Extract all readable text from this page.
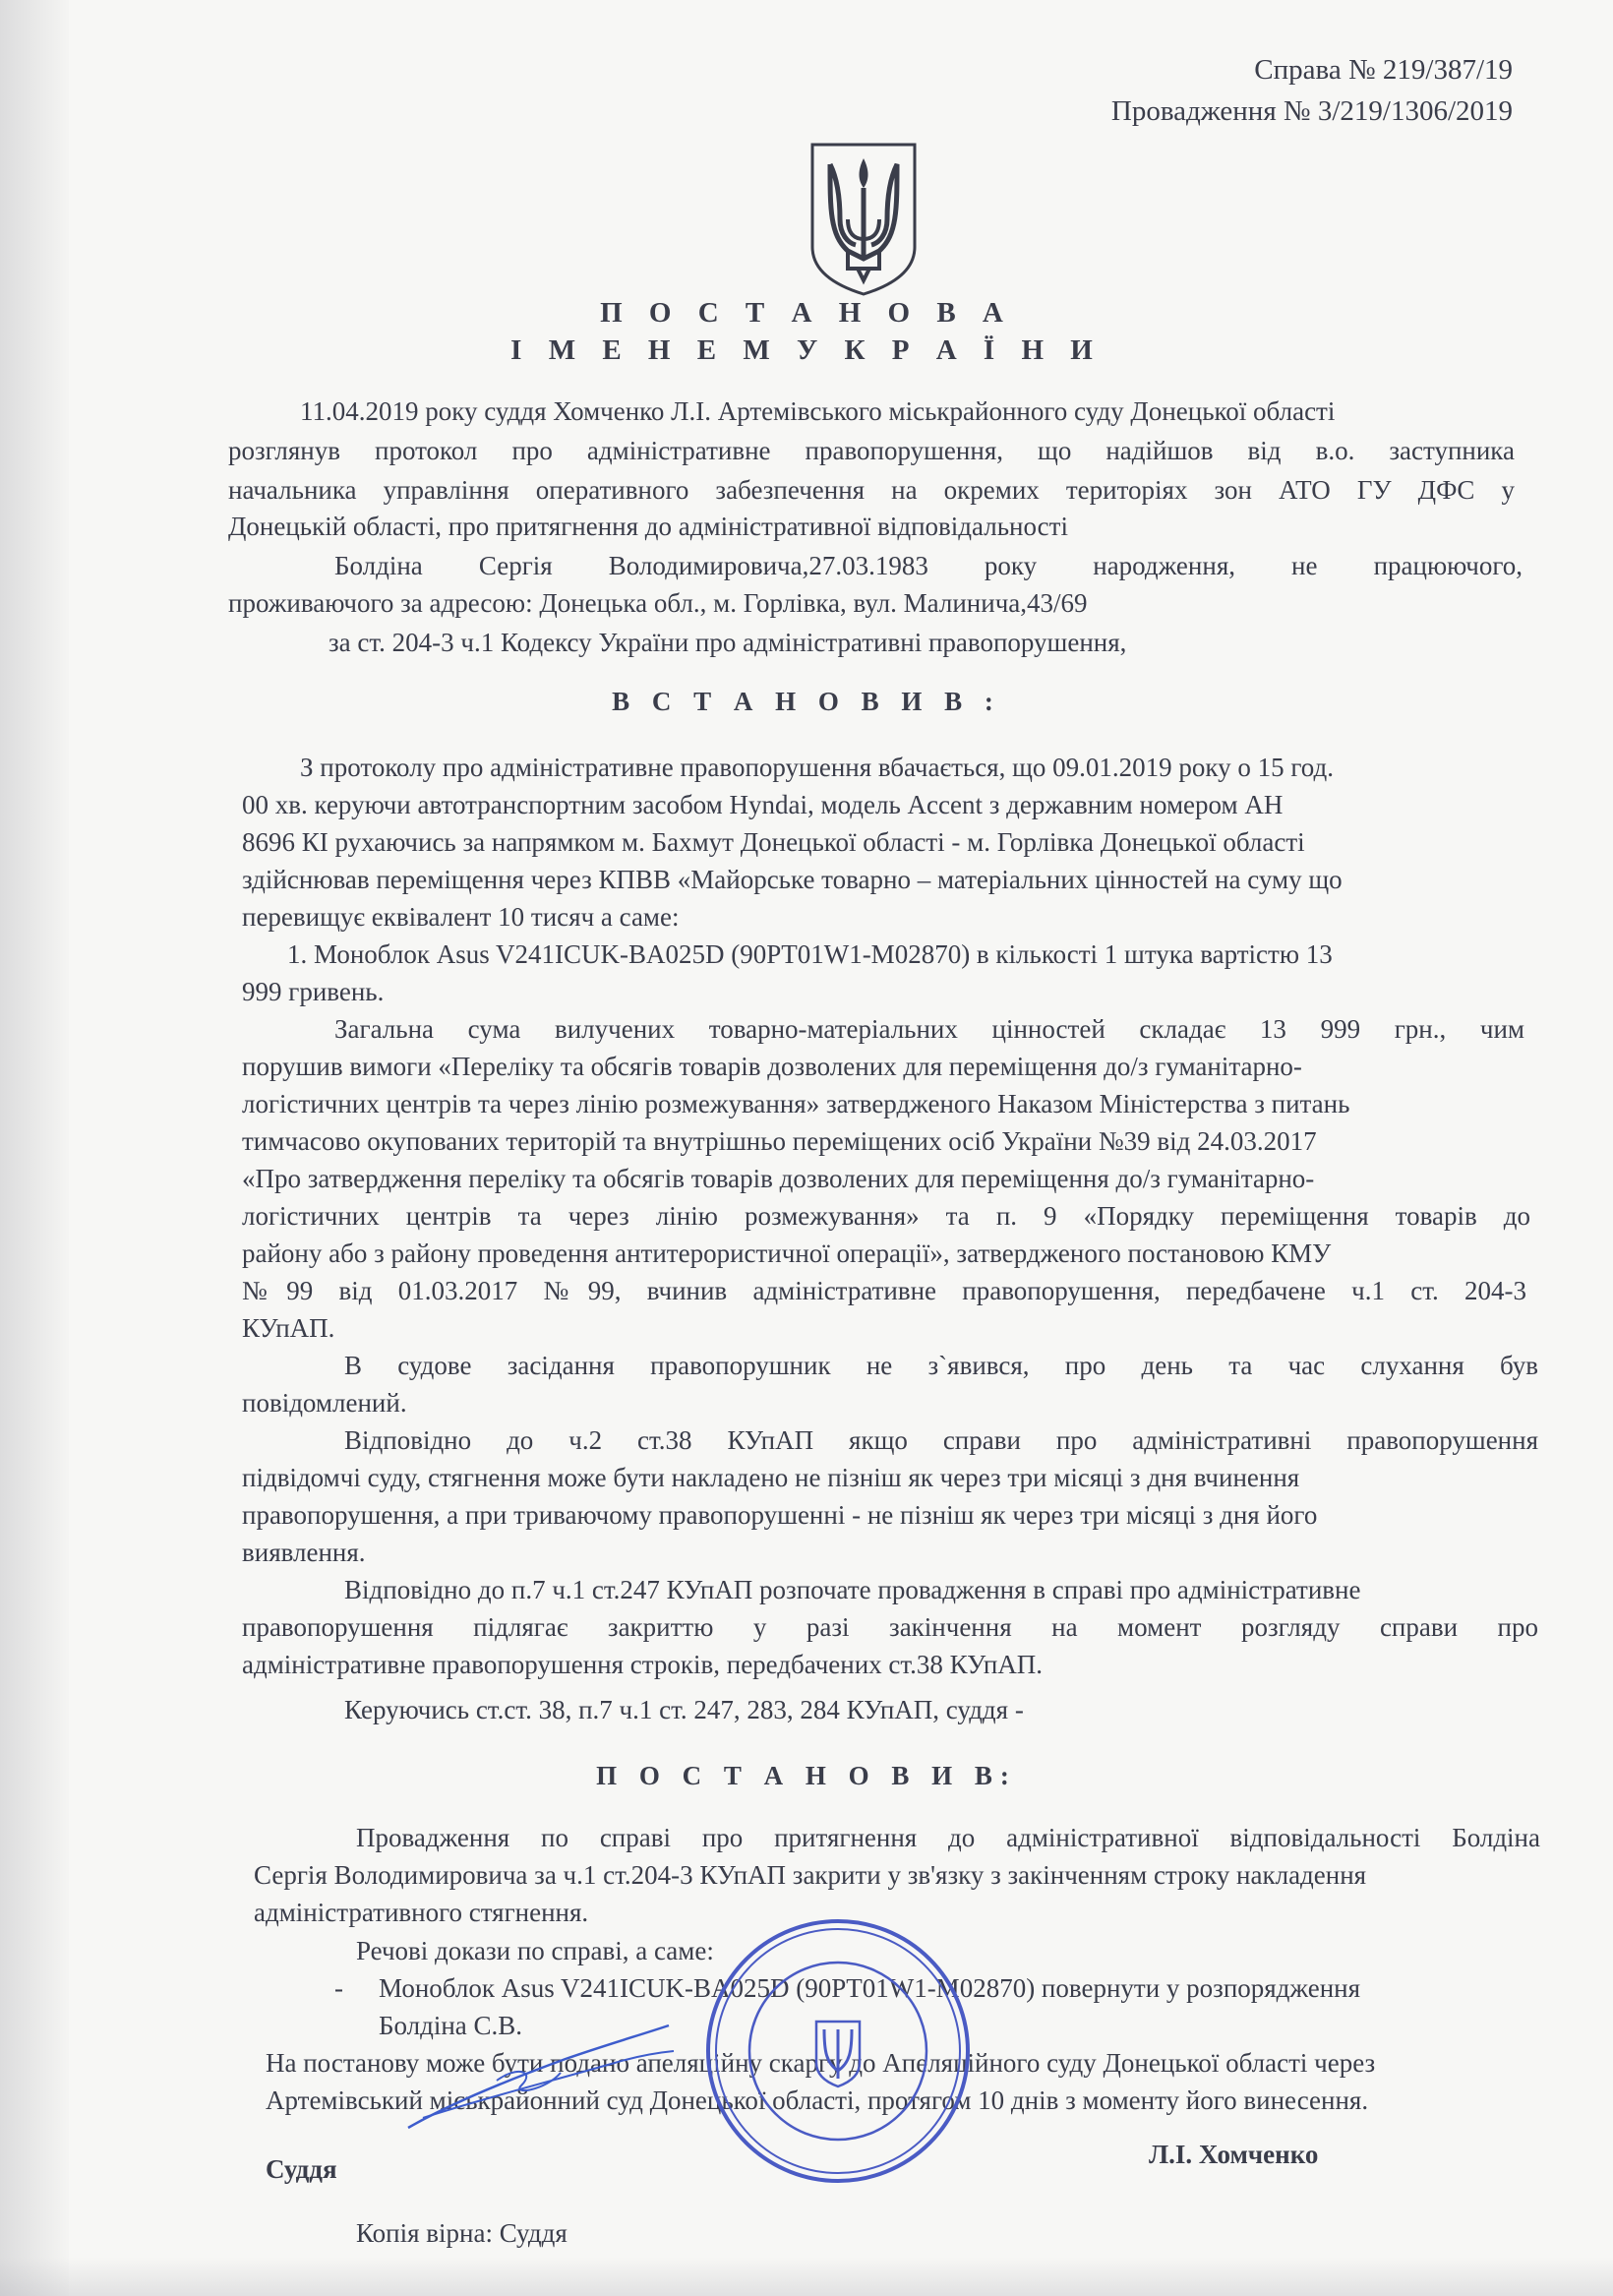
Справа № 219/387/19
Провадження № 3/219/1306/2019
П О С Т А Н О В А
І М Е Н Е М У К Р А Ї Н И
11.04.2019 року суддя Хомченко Л.І. Артемівського міськрайонного суду Донецької області
розглянув протокол про адміністративне правопорушення, що надійшов від в.о. заступника
начальника управління оперативного забезпечення на окремих територіях зон АТО ГУ ДФС у
Донецькій області, про притягнення до адміністративної відповідальності
Болдіна Сергія Володимировича,27.03.1983 року народження, не працюючого,
проживаючого за адресою: Донецька обл., м. Горлівка, вул. Малинича,43/69
за ст. 204-3 ч.1 Кодексу України про адміністративні правопорушення,
В С Т А Н О В И В :
З протоколу про адміністративне правопорушення вбачається, що 09.01.2019 року о 15 год.
00 хв. керуючи автотранспортним засобом Hyndai, модель Accent з державним номером АН
8696 КІ рухаючись за напрямком м. Бахмут Донецької області - м. Горлівка Донецької області
здійснював переміщення через КПВВ «Майорське товарно – матеріальних цінностей на суму що
перевищує еквівалент 10 тисяч а саме:
1. Моноблок Asus V241ICUK-BA025D (90PT01W1-M02870) в кількості 1 штука вартістю 13
999 гривень.
Загальна сума вилучених товарно-матеріальних цінностей складає 13 999 грн., чим
порушив вимоги «Переліку та обсягів товарів дозволених для переміщення до/з гуманітарно-
логістичних центрів та через лінію розмежування» затвердженого Наказом Міністерства з питань
тимчасово окупованих територій та внутрішньо переміщених осіб України №39 від 24.03.2017
«Про затвердження переліку та обсягів товарів дозволених для переміщення до/з гуманітарно-
логістичних центрів та через лінію розмежування» та п. 9 «Порядку переміщення товарів до
району або з району проведення антитерористичної операції», затвердженого постановою КМУ
№99 від 01.03.2017 №99, вчинив адміністративне правопорушення, передбачене ч.1 ст. 204-3
КУпАП.
В судове засідання правопорушник не з`явився, про день та час слухання був
повідомлений.
Відповідно до ч.2 ст.38 КУпАП якщо справи про адміністративні правопорушення
підвідомчі суду, стягнення може бути накладено не пізніш як через три місяці з дня вчинення
правопорушення, а при триваючому правопорушенні - не пізніш як через три місяці з дня його
виявлення.
Відповідно до п.7 ч.1 ст.247 КУпАП розпочате провадження в справі про адміністративне
правопорушення підлягає закриттю у разі закінчення на момент розгляду справи про
адміністративне правопорушення строків, передбачених ст.38 КУпАП.
Керуючись ст.ст. 38, п.7 ч.1 ст. 247, 283, 284 КУпАП, суддя -
П О С Т А Н О В И В:
Провадження по справі про притягнення до адміністративної відповідальності Болдіна
Сергія Володимировича за ч.1 ст.204-3 КУпАП закрити у зв'язку з закінченням строку накладення
адміністративного стягнення.
Речові докази по справі, а саме:
- Моноблок Asus V241ICUK-BA025D (90PT01W1-M02870) повернути у розпорядження
Болдіна С.В.
На постанову може бути подано апеляційну скаргу до Апеляційного суду Донецької області через
Артемівський міськрайонний суд Донецької області, протягом 10 днів з моменту його винесення.
Суддя	Л.І. Хомченко
Копія вірна: Суддя
